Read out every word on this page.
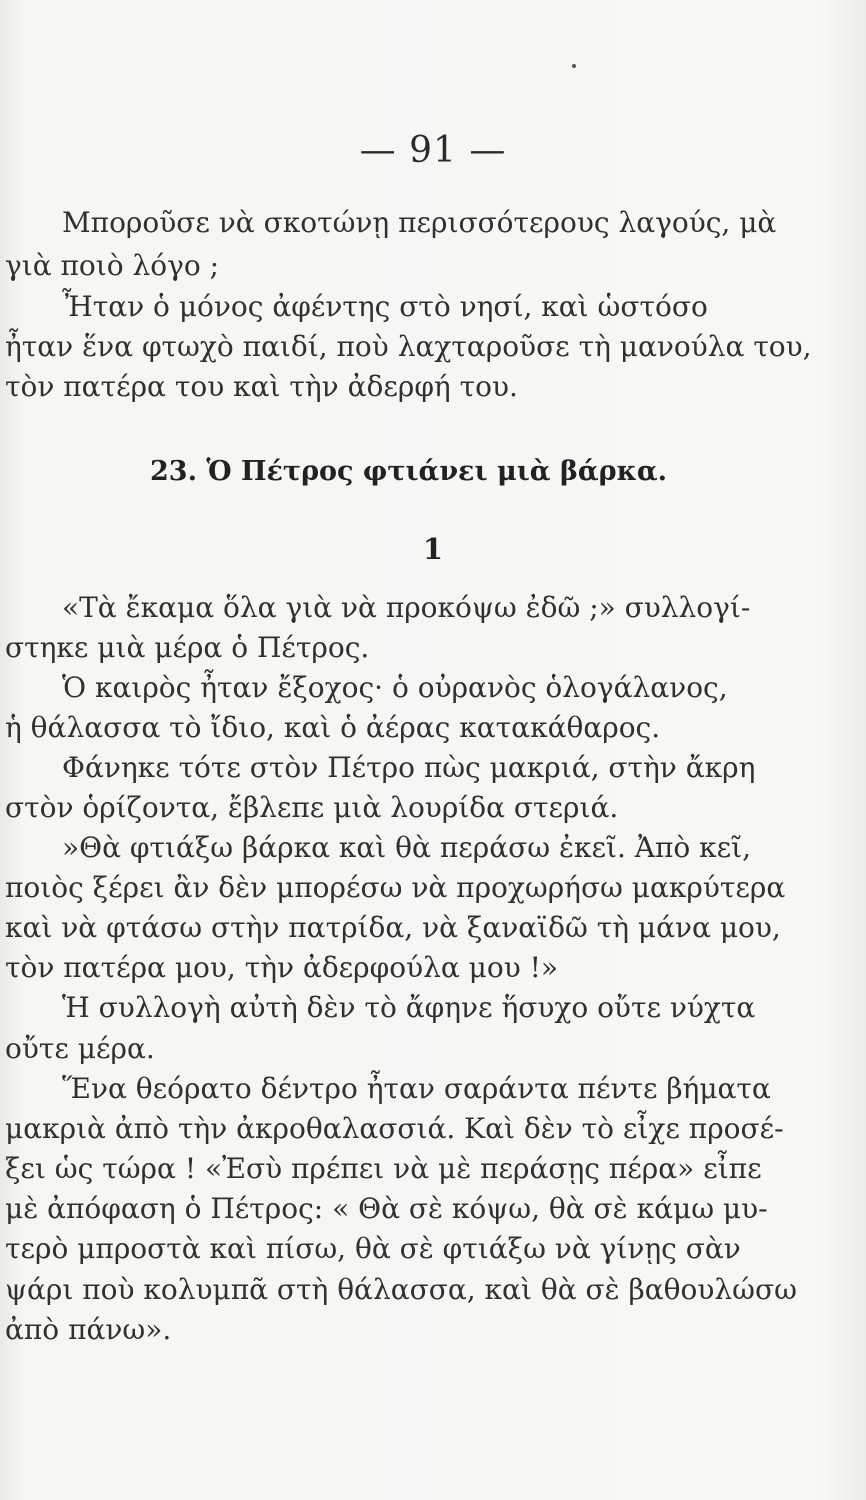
— 91 —
Μποροῦσε νὰ σκοτώνῃ περισσότερους λαγούς, μὰ
γιὰ ποιὸ λόγο ;
Ἦταν ὁ μόνος ἀφέντης στὸ νησί, καὶ ὡστόσο
ἦταν ἕνα φτωχὸ παιδί, ποὺ λαχταροῦσε τὴ μανούλα του,
τὸν πατέρα του καὶ τὴν ἀδερφή του.
23. Ὁ Πέτρος φτιάνει μιὰ βάρκα.
1
«Τὰ ἔκαμα ὅλα γιὰ νὰ προκόψω ἐδῶ ;» συλλογί-
στηκε μιὰ μέρα ὁ Πέτρος.
Ὁ καιρὸς ἦταν ἔξοχος· ὁ οὐρανὸς ὁλογάλανος,
ἡ θάλασσα τὸ ἴδιο, καὶ ὁ ἀέρας κατακάθαρος.
Φάνηκε τότε στὸν Πέτρο πὼς μακριά, στὴν ἄκρη
στὸν ὁρίζοντα, ἔβλεπε μιὰ λουρίδα στεριά.
»Θὰ φτιάξω βάρκα καὶ θὰ περάσω ἐκεῖ. Ἀπὸ κεῖ,
ποιὸς ξέρει ἂν δὲν μπορέσω νὰ προχωρήσω μακρύτερα
καὶ νὰ φτάσω στὴν πατρίδα, νὰ ξαναϊδῶ τὴ μάνα μου,
τὸν πατέρα μου, τὴν ἀδερφούλα μου !»
Ἡ συλλογὴ αὐτὴ δὲν τὸ ἄφηνε ἥσυχο οὔτε νύχτα
οὔτε μέρα.
Ἕνα θεόρατο δέντρο ἦταν σαράντα πέντε βήματα
μακριὰ ἀπὸ τὴν ἀκροθαλασσιά. Καὶ δὲν τὸ εἶχε προσέ-
ξει ὡς τώρα ! «Ἐσὺ πρέπει νὰ μὲ περάσῃς πέρα» εἶπε
μὲ ἀπόφαση ὁ Πέτρος: « Θὰ σὲ κόψω, θὰ σὲ κάμω μυ-
τερὸ μπροστὰ καὶ πίσω, θὰ σὲ φτιάξω νὰ γίνῃς σὰν
ψάρι ποὺ κολυμπᾶ στὴ θάλασσα, καὶ θὰ σὲ βαθουλώσω
ἀπὸ πάνω».
